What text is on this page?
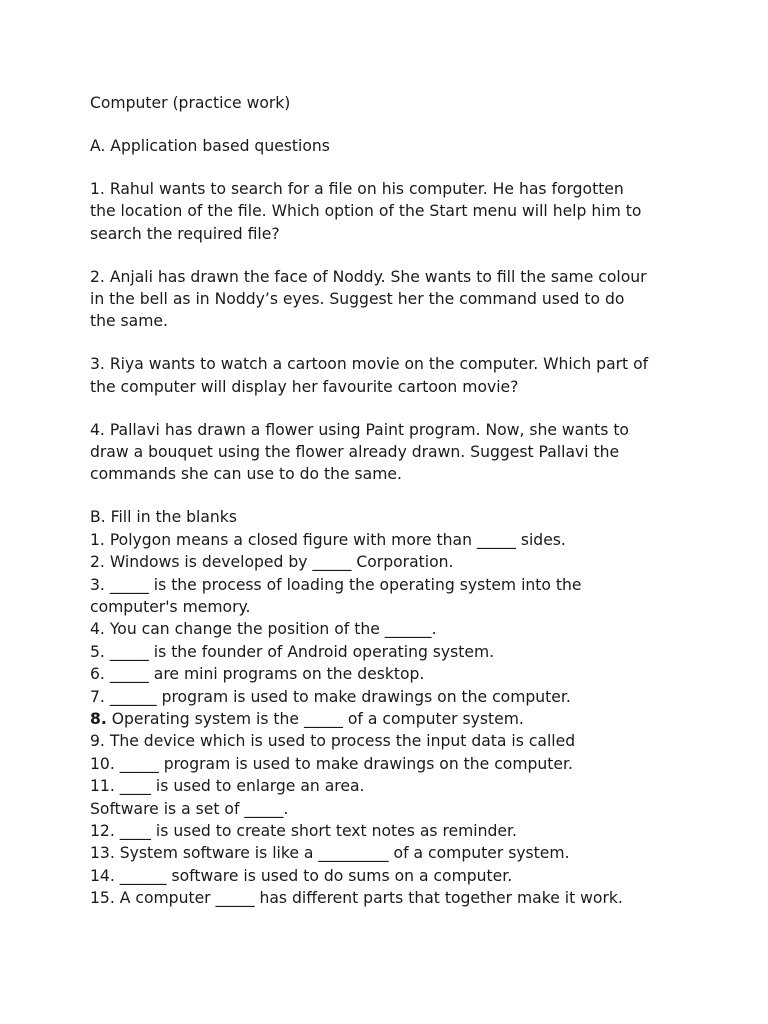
Computer (practice work)
A. Application based questions
1. Rahul wants to search for a file on his computer. He has forgotten
the location of the file. Which option of the Start menu will help him to
search the required file?
2. Anjali has drawn the face of Noddy. She wants to fill the same colour
in the bell as in Noddy’s eyes. Suggest her the command used to do
the same.
3. Riya wants to watch a cartoon movie on the computer. Which part of
the computer will display her favourite cartoon movie?
4. Pallavi has drawn a flower using Paint program. Now, she wants to
draw a bouquet using the flower already drawn. Suggest Pallavi the
commands she can use to do the same.
B. Fill in the blanks
1. Polygon means a closed figure with more than _____ sides.
2. Windows is developed by _____ Corporation.
3. _____ is the process of loading the operating system into the
computer's memory.
4. You can change the position of the ______.
5. _____ is the founder of Android operating system.
6. _____ are mini programs on the desktop.
7. ______ program is used to make drawings on the computer.
8. Operating system is the _____ of a computer system.
9. The device which is used to process the input data is called
10. _____ program is used to make drawings on the computer.
11. ____ is used to enlarge an area.
Software is a set of _____.
12. ____ is used to create short text notes as reminder.
13. System software is like a _________ of a computer system.
14. ______ software is used to do sums on a computer.
15. A computer _____ has different parts that together make it work.
